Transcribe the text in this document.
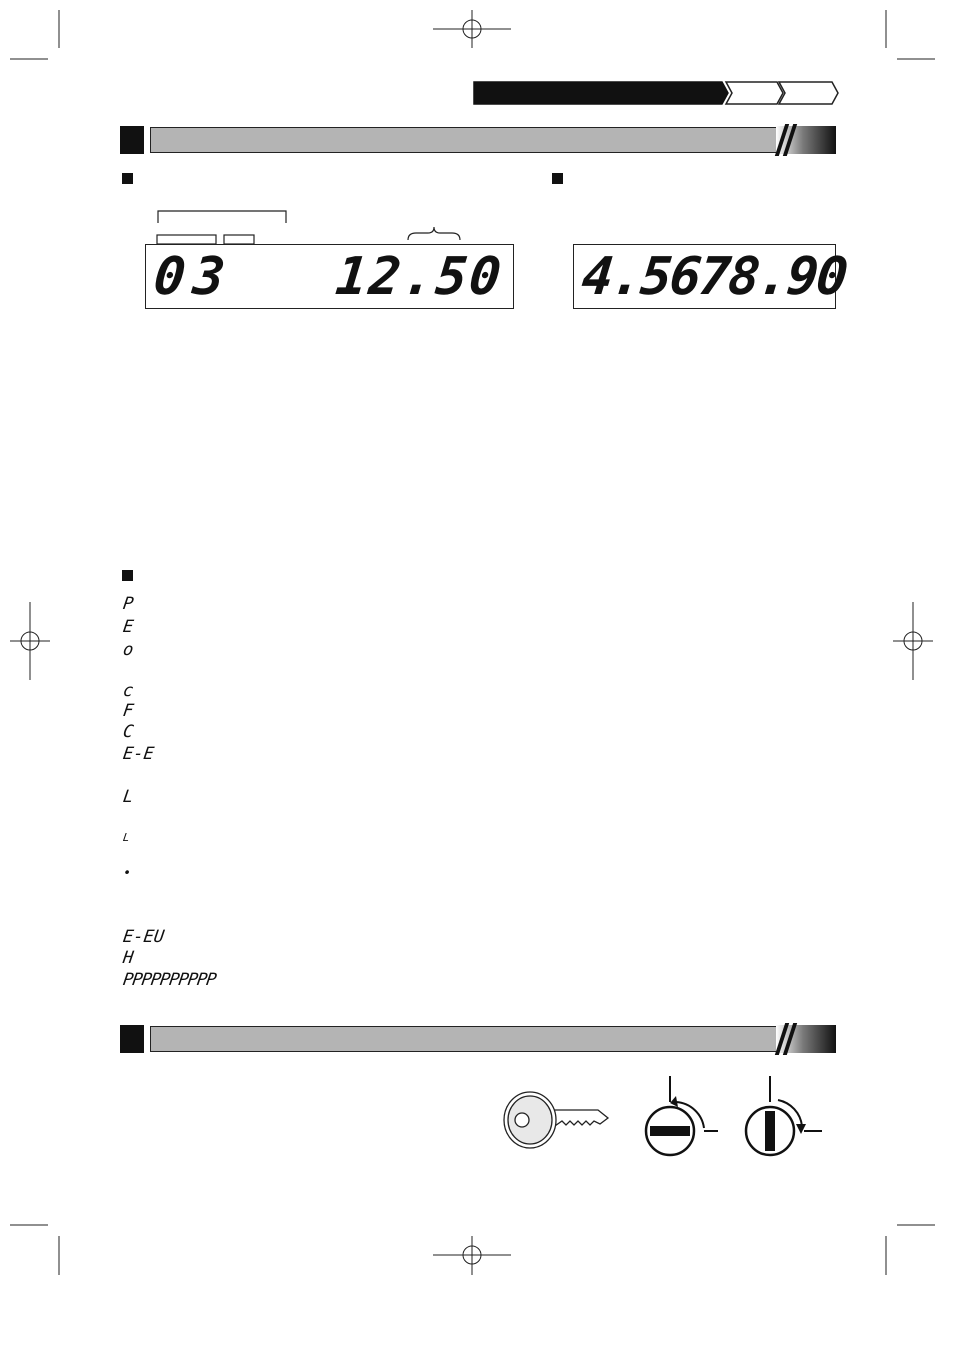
03 12.50 4.5678.90
P
E
o
c
F
C
E-E
L
L
•
E-EU
H
PPPPPPPPPP
